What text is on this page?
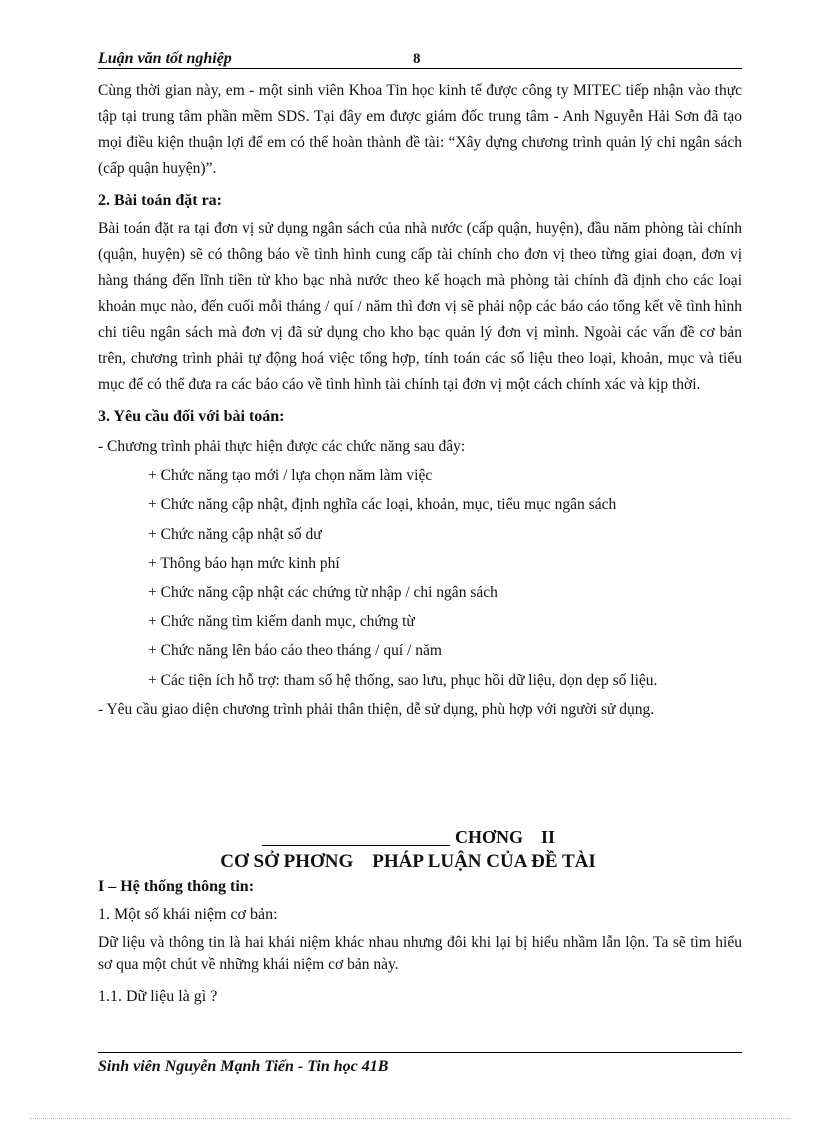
Luận văn tốt nghiệp	8

Cùng thời gian này, em - một sinh viên Khoa Tin học kinh tế được công ty MITEC tiếp nhận vào thực tập tại trung tâm phần mềm SDS. Tại đây em được giám đốc trung tâm - Anh Nguyễn Hải Sơn đã tạo mọi điều kiện thuận lợi để em có thể hoàn thành đề tài: “Xây dựng chương trình quản lý chi ngân sách (cấp quận huyện)”.

2. Bài toán đặt ra:

Bài toán đặt ra tại đơn vị sử dụng ngân sách của nhà nước (cấp quận, huyện), đầu năm phòng tài chính (quận, huyện) sẽ có thông báo về tình hình cung cấp tài chính cho đơn vị theo từng giai đoạn, đơn vị hàng tháng đến lĩnh tiền từ kho bạc nhà nước theo kế hoạch mà phòng tài chính đã định cho các loại khoản mục nào, đến cuối mỗi tháng / quí / năm thì đơn vị sẽ phải nộp các báo cáo tổng kết về tình hình chi tiêu ngân sách mà đơn vị đã sử dụng cho kho bạc quản lý đơn vị mình. Ngoài các vấn đề cơ bản trên, chương trình phải tự động hoá việc tổng hợp, tính toán các số liệu theo loại, khoản, mục và tiểu mục để có thể đưa ra các báo cáo về tình hình tài chính tại đơn vị một cách chính xác và kịp thời.

3. Yêu cầu đối với bài toán:

- Chương trình phải thực hiện được các chức năng sau đây:

+ Chức năng tạo mới / lựa chọn năm làm việc

+ Chức năng cập nhật, định nghĩa các loại, khoản, mục, tiểu mục ngân sách

+ Chức năng cập nhật số dư

+ Thông báo hạn mức kinh phí

+ Chức năng cập nhật các chứng từ nhập / chi ngân sách

+ Chức năng tìm kiếm danh mục, chứng từ

+ Chức năng lên báo cáo theo tháng / quí / năm

+ Các tiện ích hỗ trợ: tham số hệ thống, sao lưu, phục hồi dữ liệu, dọn dẹp số liệu.

- Yêu cầu giao diện chương trình phải thân thiện, dễ sử dụng, phù hợp với người sử dụng.

CHƠNG    II
CƠ SỞ PHƠNG    PHÁP LUẬN CỦA ĐỀ TÀI
I – Hệ thống thông tin:
1. Một số khái niệm cơ bản:

Dữ liệu và thông tin là hai khái niệm khác nhau nhưng đôi khi lại bị hiểu nhầm lẫn lộn. Ta sẽ tìm hiểu sơ qua một chút về những khái niệm cơ bản này.

1.1. Dữ liệu là gì ?
Sinh viên Nguyễn Mạnh Tiến - Tin học 41B
